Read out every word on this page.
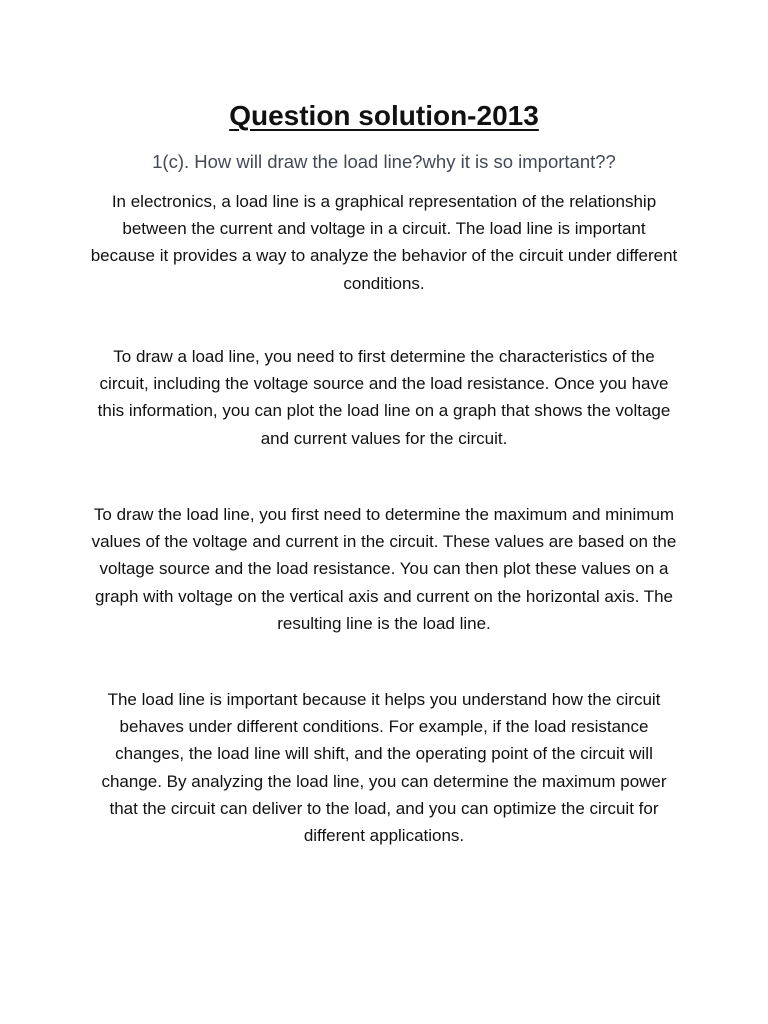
Question solution-2013

1(c). How will draw the load line?why it is so important??

In electronics, a load line is a graphical representation of the relationship between the current and voltage in a circuit. The load line is important because it provides a way to analyze the behavior of the circuit under different conditions.

To draw a load line, you need to first determine the characteristics of the circuit, including the voltage source and the load resistance. Once you have this information, you can plot the load line on a graph that shows the voltage and current values for the circuit.

To draw the load line, you first need to determine the maximum and minimum values of the voltage and current in the circuit. These values are based on the voltage source and the load resistance. You can then plot these values on a graph with voltage on the vertical axis and current on the horizontal axis. The resulting line is the load line.

The load line is important because it helps you understand how the circuit behaves under different conditions. For example, if the load resistance changes, the load line will shift, and the operating point of the circuit will change. By analyzing the load line, you can determine the maximum power that the circuit can deliver to the load, and you can optimize the circuit for different applications.
